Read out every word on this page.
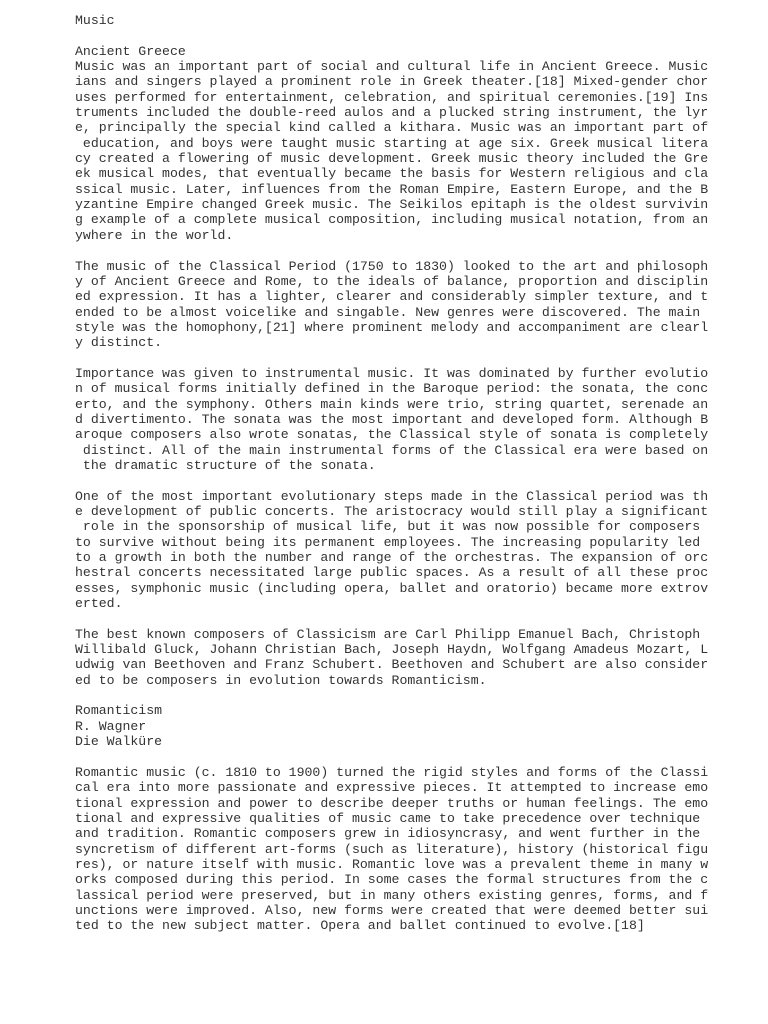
Music
Ancient Greece
Music was an important part of social and cultural life in Ancient Greece. Music
ians and singers played a prominent role in Greek theater.[18] Mixed-gender chor
uses performed for entertainment, celebration, and spiritual ceremonies.[19] Ins
truments included the double-reed aulos and a plucked string instrument, the lyr
e, principally the special kind called a kithara. Music was an important part of
education, and boys were taught music starting at age six. Greek musical litera
cy created a flowering of music development. Greek music theory included the Gre
ek musical modes, that eventually became the basis for Western religious and cla
ssical music. Later, influences from the Roman Empire, Eastern Europe, and the B
yzantine Empire changed Greek music. The Seikilos epitaph is the oldest survivin
g example of a complete musical composition, including musical notation, from an
ywhere in the world.
The music of the Classical Period (1750 to 1830) looked to the art and philosoph
y of Ancient Greece and Rome, to the ideals of balance, proportion and disciplin
ed expression. It has a lighter, clearer and considerably simpler texture, and t
ended to be almost voicelike and singable. New genres were discovered. The main
style was the homophony,[21] where prominent melody and accompaniment are clearl
y distinct.
Importance was given to instrumental music. It was dominated by further evolutio
n of musical forms initially defined in the Baroque period: the sonata, the conc
erto, and the symphony. Others main kinds were trio, string quartet, serenade an
d divertimento. The sonata was the most important and developed form. Although B
aroque composers also wrote sonatas, the Classical style of sonata is completely
distinct. All of the main instrumental forms of the Classical era were based on
the dramatic structure of the sonata.
One of the most important evolutionary steps made in the Classical period was th
e development of public concerts. The aristocracy would still play a significant
role in the sponsorship of musical life, but it was now possible for composers
to survive without being its permanent employees. The increasing popularity led
to a growth in both the number and range of the orchestras. The expansion of orc
hestral concerts necessitated large public spaces. As a result of all these proc
esses, symphonic music (including opera, ballet and oratorio) became more extrov
erted.
The best known composers of Classicism are Carl Philipp Emanuel Bach, Christoph
Willibald Gluck, Johann Christian Bach, Joseph Haydn, Wolfgang Amadeus Mozart, L
udwig van Beethoven and Franz Schubert. Beethoven and Schubert are also consider
ed to be composers in evolution towards Romanticism.
Romanticism
R. Wagner
Die Walküre
Romantic music (c. 1810 to 1900) turned the rigid styles and forms of the Classi
cal era into more passionate and expressive pieces. It attempted to increase emo
tional expression and power to describe deeper truths or human feelings. The emo
tional and expressive qualities of music came to take precedence over technique
and tradition. Romantic composers grew in idiosyncrasy, and went further in the
syncretism of different art-forms (such as literature), history (historical figu
res), or nature itself with music. Romantic love was a prevalent theme in many w
orks composed during this period. In some cases the formal structures from the c
lassical period were preserved, but in many others existing genres, forms, and f
unctions were improved. Also, new forms were created that were deemed better sui
ted to the new subject matter. Opera and ballet continued to evolve.[18]
